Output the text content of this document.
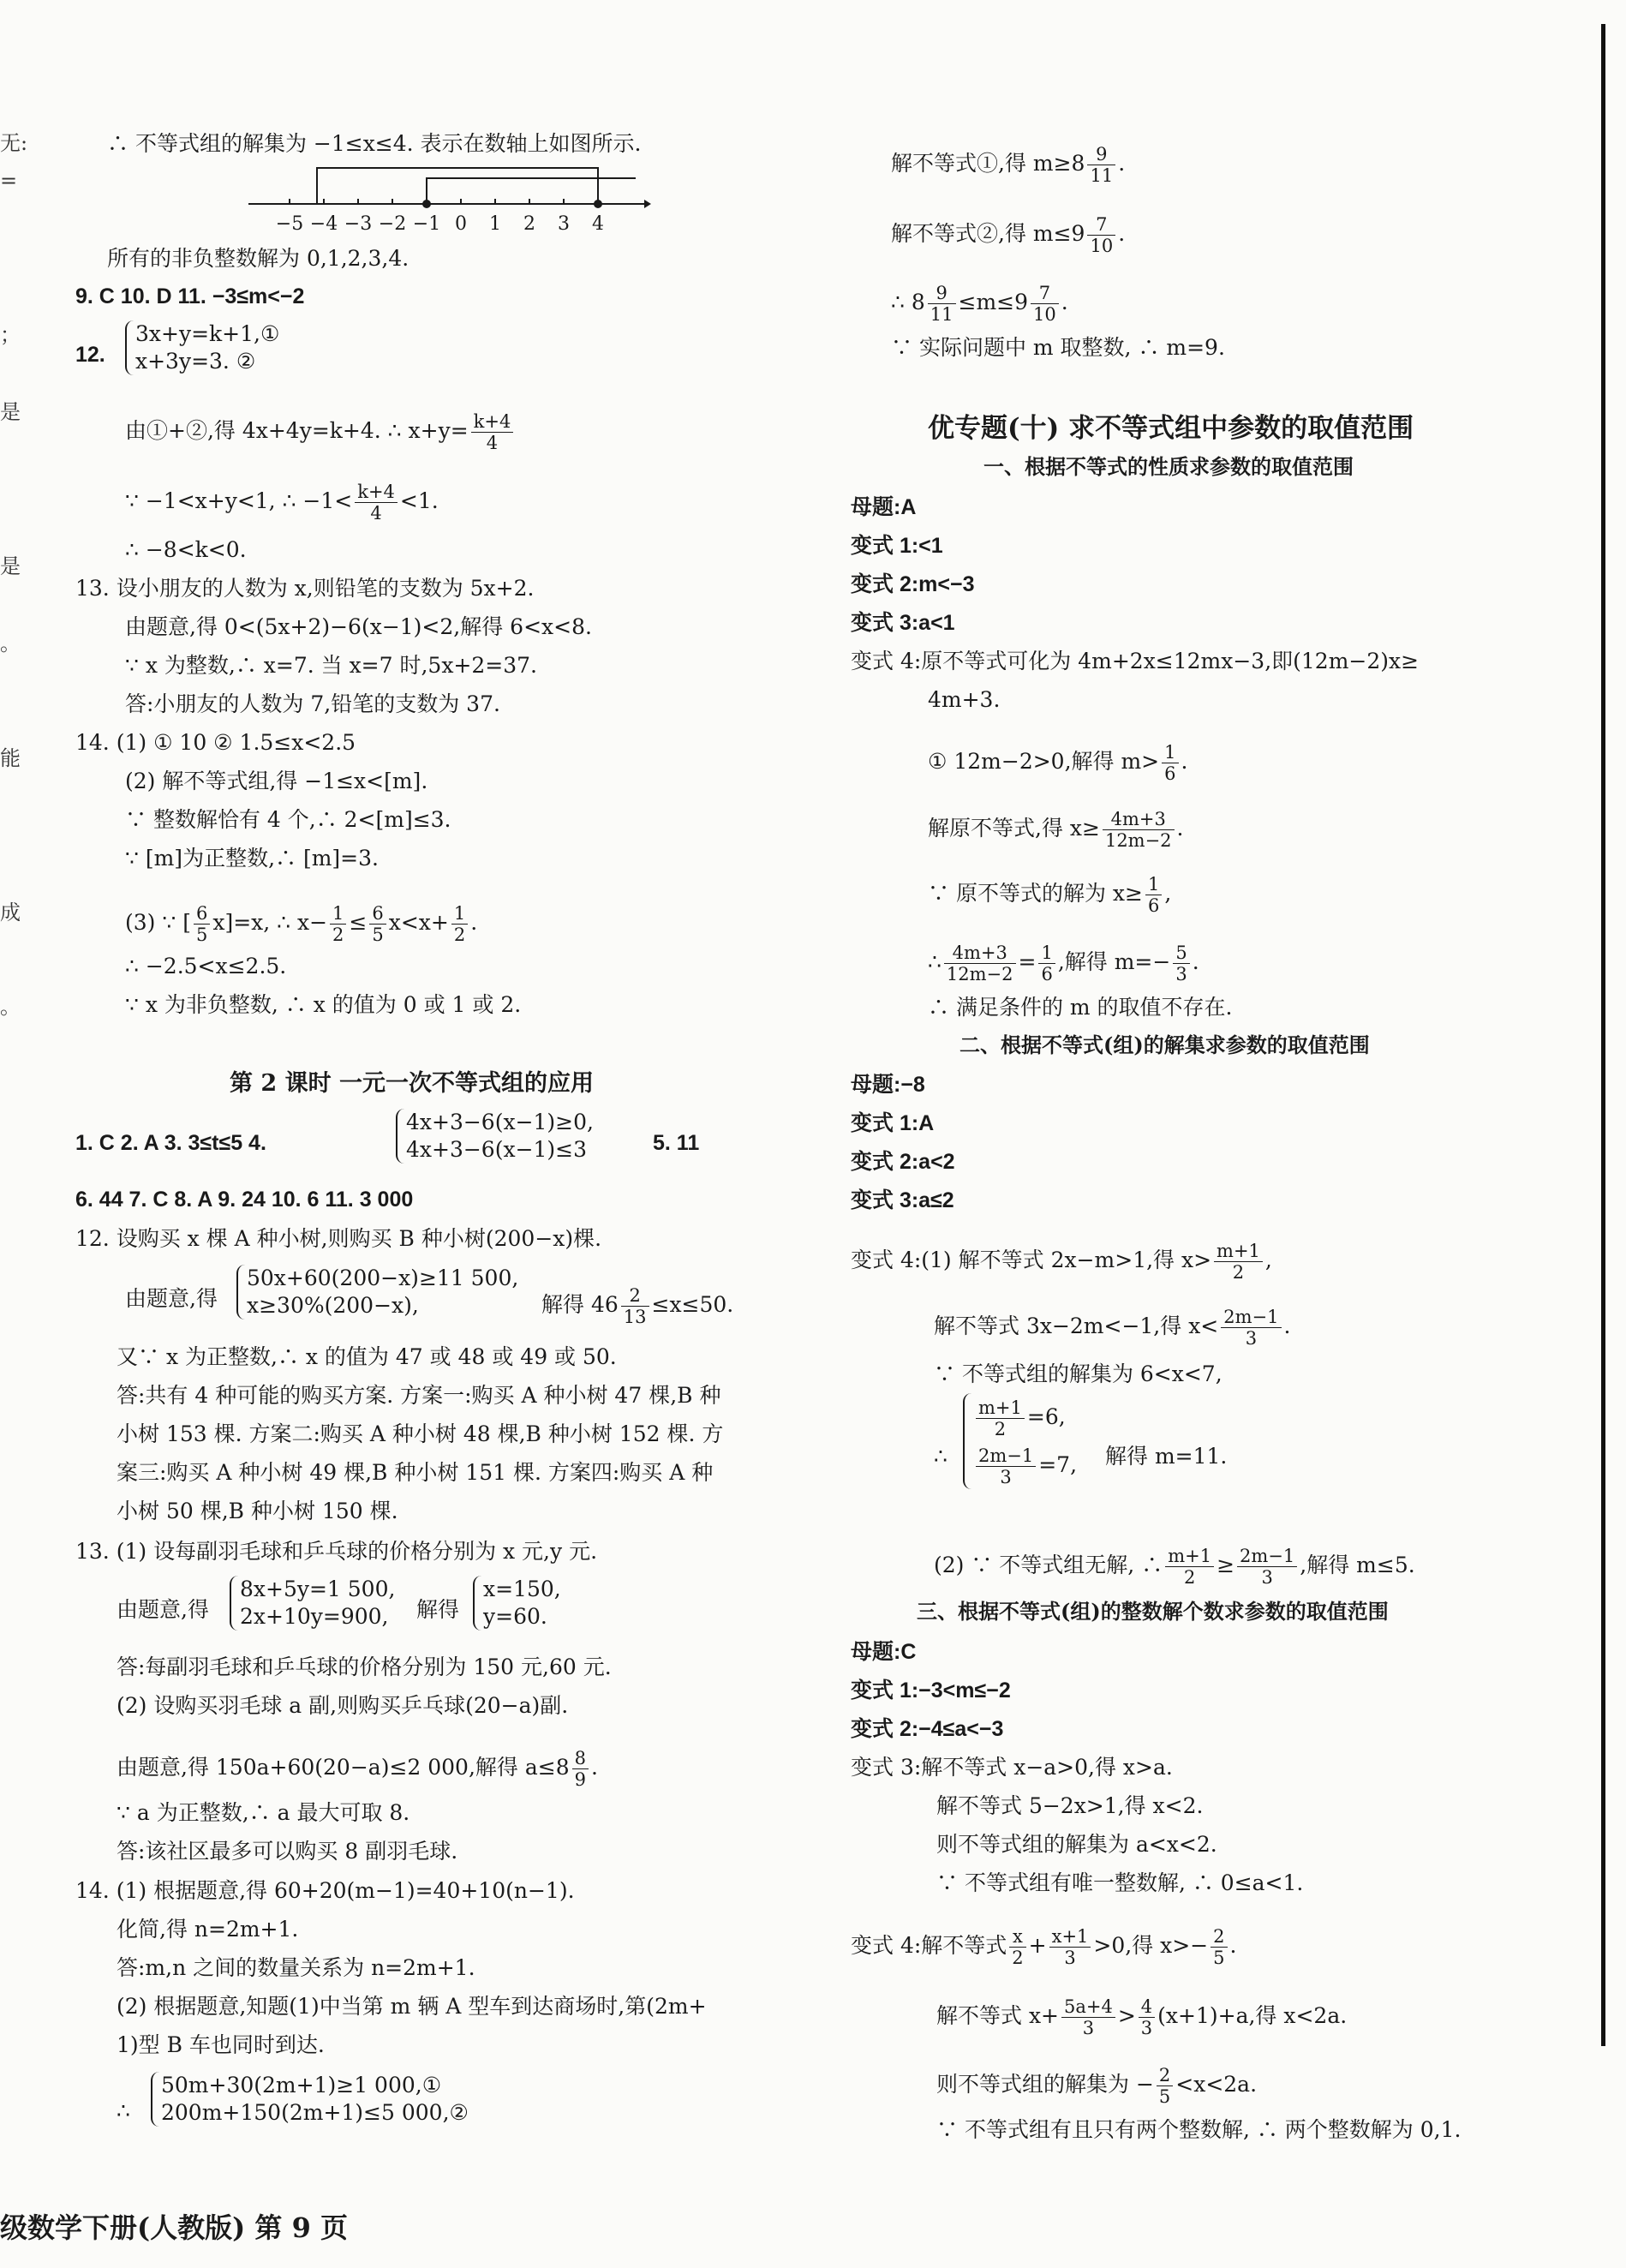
无:
=
；
是
是
。
能
成
。
∴ 不等式组的解集为 −1≤x≤4. 表示在数轴上如图所示.
−5 −4 −3 −2 −1 0 1 2 3 4
所有的非负整数解为 0,1,2,3,4.
9. C 10. D 11. −3≤m<−2
12.
3x+y=k+1,①
x+3y=3. ②
由①+②,得 4x+4y=k+4. ∴ $x+y= \frac{k+4}{4}$
∵ −1<x+y<1, ∴ $-1< \frac{k+4}{4} <1$.
∴ −8<k<0.
13. 设小朋友的人数为 x,则铅笔的支数为 5x+2.
由题意,得 0<(5x+2)−6(x−1)<2,解得 6<x<8.
∵ x 为整数,∴ x=7. 当 x=7 时,5x+2=37.
答:小朋友的人数为 7,铅笔的支数为 37.
14. (1) ① 10 ② 1.5≤x<2.5
(2) 解不等式组,得 −1≤x<[m].
∵ 整数解恰有 4 个,∴ 2<[m]≤3.
∵ [m]为正整数,∴ [m]=3.
(3) ∵ [ $\frac{6}{5} x]=x$, ∴ $x- \frac{1}{2} \le \frac{6}{5} x<x+ \frac{1}{2}$ .
∴ −2.5<x≤2.5.
∵ x 为非负整数, ∴ x 的值为 0 或 1 或 2.
第 2 课时 一元一次不等式组的应用
1. C 2. A 3. 3≤t≤5 4.
4x+3−6(x−1)≥0,
4x+3−6(x−1)≤3	5. 11
6. 44 7. C 8. A 9. 24 10. 6 11. 3 000
12. 设购买 x 棵 A 种小树,则购买 B 种小树(200−x)棵.
由题意,得
50x+60(200−x)≥11 500,
x≥30%(200−x),	解得 $46 \frac{2}{13} \le x\le 50$.
又∵ x 为正整数,∴ x 的值为 47 或 48 或 49 或 50.
答:共有 4 种可能的购买方案. 方案一:购买 A 种小树 47 棵,B 种
小树 153 棵. 方案二:购买 A 种小树 48 棵,B 种小树 152 棵. 方
案三:购买 A 种小树 49 棵,B 种小树 151 棵. 方案四:购买 A 种
小树 50 棵,B 种小树 150 棵.
13. (1) 设每副羽毛球和乒乓球的价格分别为 x 元,y 元.
由题意,得
8x+5y=1 500,
2x+10y=900,	解得
x=150,
y=60.
答:每副羽毛球和乒乓球的价格分别为 150 元,60 元.
(2) 设购买羽毛球 a 副,则购买乒乓球(20−a)副.
由题意,得 150a+60(20−a)≤2 000,解得 $a\le 8 \frac{8}{9}$ .
∵ a 为正整数,∴ a 最大可取 8.
答:该社区最多可以购买 8 副羽毛球.
14. (1) 根据题意,得 60+20(m−1)=40+10(n−1).
化简,得 n=2m+1.
答:m,n 之间的数量关系为 n=2m+1.
(2) 根据题意,知题(1)中当第 m 辆 A 型车到达商场时,第(2m+
1)型 B 车也同时到达.
∴
50m+30(2m+1)≥1 000,①
200m+150(2m+1)≤5 000,②
级数学下册(人教版) 第 9 页
解不等式①,得 $m\ge 8 \frac{9}{11}$ .
解不等式②,得 $m\le 9 \frac{7}{10}$ .
∴ $8 \frac{9}{11} \le m\le 9 \frac{7}{10}$ .
∵ 实际问题中 m 取整数, ∴ m=9.
优专题(十) 求不等式组中参数的取值范围
一、根据不等式的性质求参数的取值范围
母题:A
变式 1:<1
变式 2:m<−3
变式 3:a<1
变式 4:原不等式可化为 4m+2x≤12mx−3,即(12m−2)x≥
4m+3.
① 12m−2>0,解得 $m> \frac{1}{6}$ .
解原不等式,得 $x\ge \frac{4m+3}{12m-2}$ .
∵ 原不等式的解为 $x\ge \frac{1}{6}$ ,
∴ $\frac{4m+3}{12m-2} = \frac{1}{6}$ ,解得 $m=- \frac{5}{3}$ .
∴ 满足条件的 m 的取值不存在.
二、根据不等式(组)的解集求参数的取值范围
母题:−8
变式 1:A
变式 2:a<2
变式 3:a≤2
变式 4:(1) 解不等式 2x−m>1,得 $x> \frac{m+1}{2}$ ,
解不等式 3x−2m<−1,得 $x< \frac{2m-1}{3}$ .
∵ 不等式组的解集为 6<x<7,
∴
$\frac{m+1}{2} =6$,
$\frac{2m-1}{3} =7$, 解得 m=11.
(2) ∵ 不等式组无解, ∴ $\frac{m+1}{2} \ge \frac{2m-1}{3}$ ,解得 m≤5.
三、根据不等式(组)的整数解个数求参数的取值范围
母题:C
变式 1:−3<m≤−2
变式 2:−4≤a<−3
变式 3:解不等式 x−a>0,得 x>a.
解不等式 5−2x>1,得 x<2.
则不等式组的解集为 a<x<2.
∵ 不等式组有唯一整数解, ∴ 0≤a<1.
变式 4:解不等式 $\frac{x}{2} + \frac{x+1}{3} >0$,得 $x>- \frac{2}{5}$ .
解不等式 $x+ \frac{5a+4}{3} > \frac{4}{3} (x+1)+a$,得 x<2a.
则不等式组的解集为 − $\frac{2}{5} <x<2a$.
∵ 不等式组有且只有两个整数解, ∴ 两个整数解为 0,1.
